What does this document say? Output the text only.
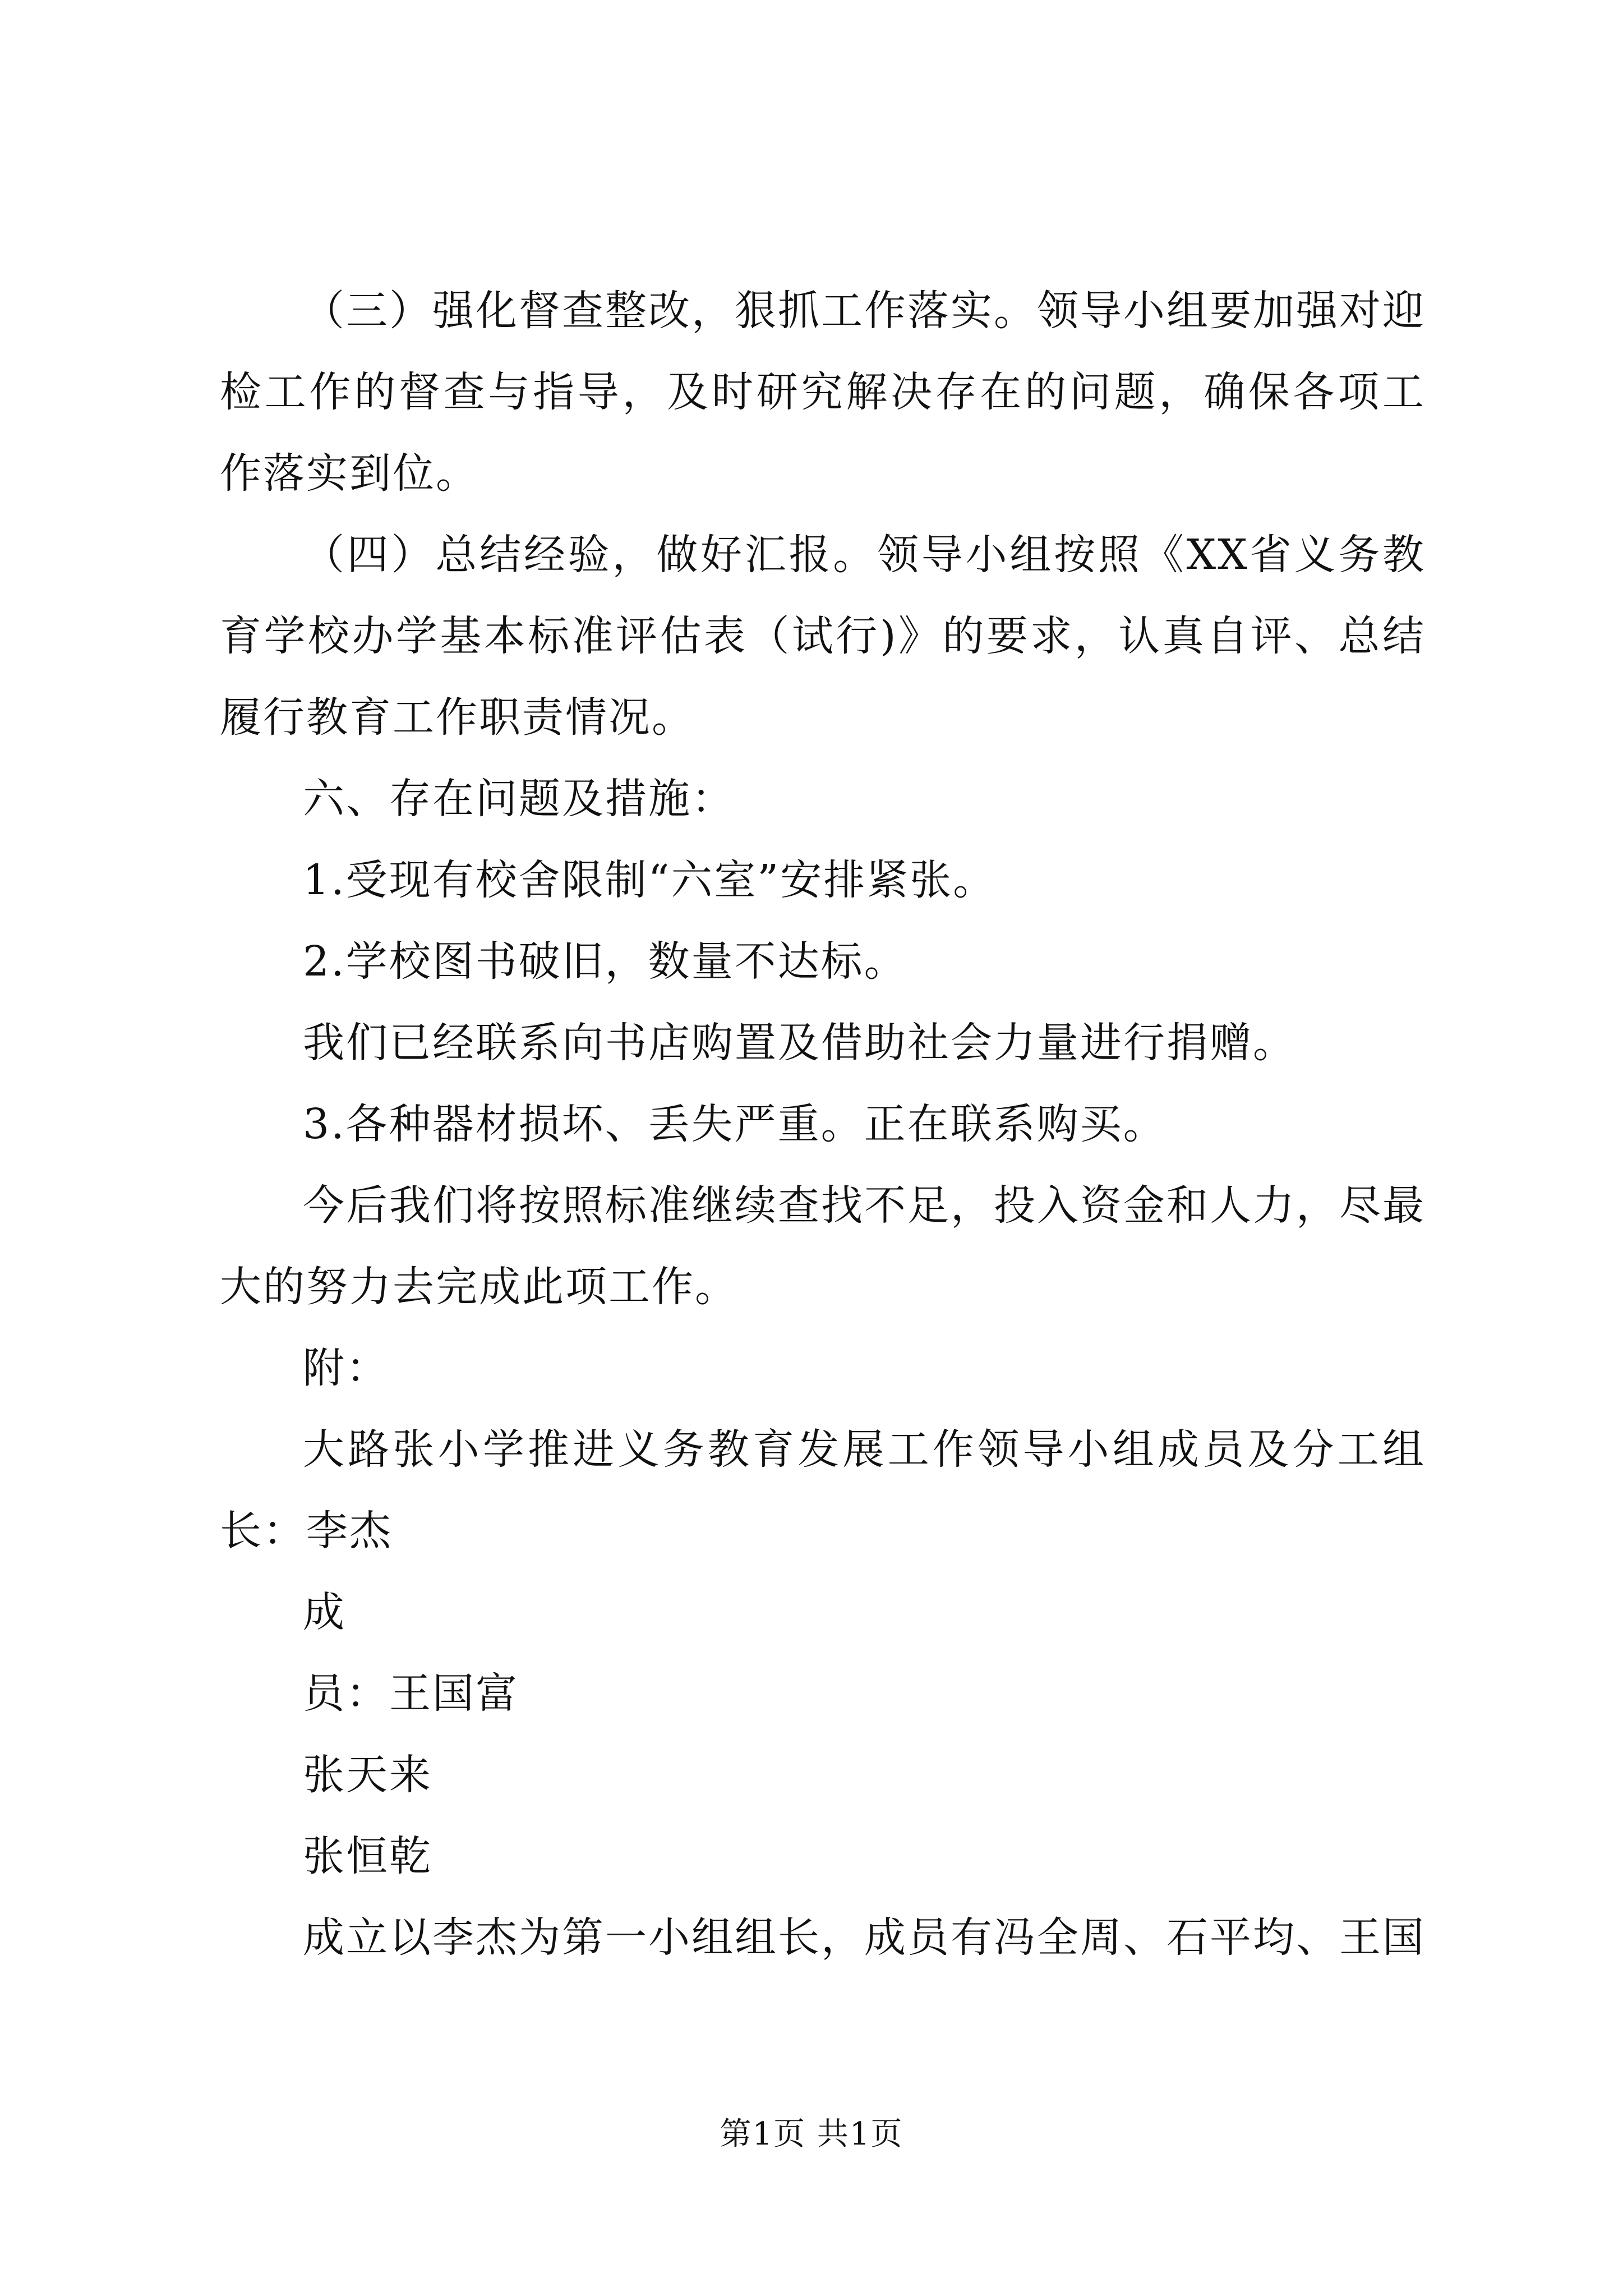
（三）强化督查整改，狠抓工作落实。领导小组要加强对迎检工作的督查与指导，及时研究解决存在的问题，确保各项工作落实到位。

（四）总结经验，做好汇报。领导小组按照《XX省义务教育学校办学基本标准评估表（试行)》的要求，认真自评、总结履行教育工作职责情况。

六、存在问题及措施：

1.受现有校舍限制“六室”安排紧张。

2.学校图书破旧，数量不达标。

我们已经联系向书店购置及借助社会力量进行捐赠。

3.各种器材损坏、丢失严重。正在联系购买。

今后我们将按照标准继续查找不足，投入资金和人力，尽最大的努力去完成此项工作。

附：

大路张小学推进义务教育发展工作领导小组成员及分工组长：李杰

成

员：王国富

张天来

张恒乾

成立以李杰为第一小组组长，成员有冯全周、石平均、王国

第1页 共1页
